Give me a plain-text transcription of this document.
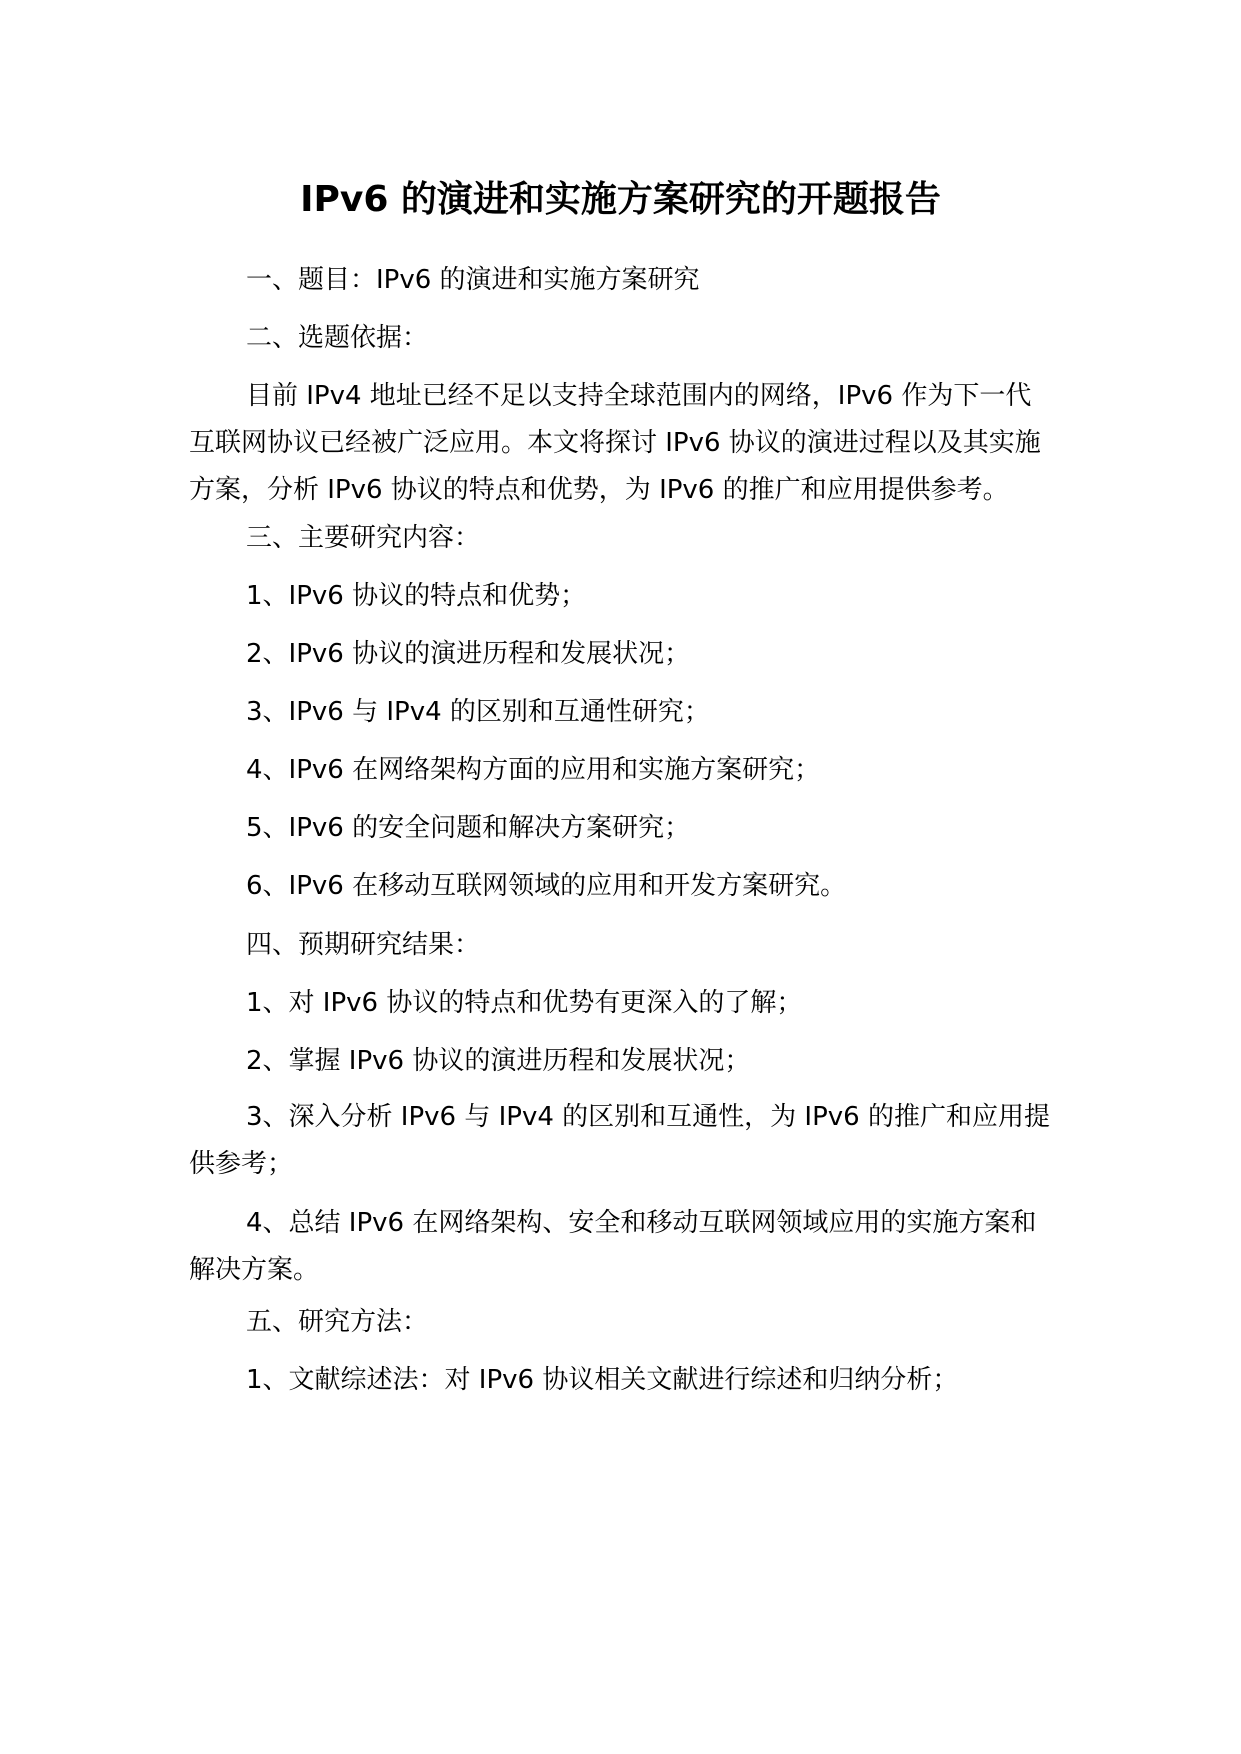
IPv6 的演进和实施方案研究的开题报告

一、题目：IPv6 的演进和实施方案研究

二、选题依据：

目前 IPv4 地址已经不足以支持全球范围内的网络，IPv6 作为下一代互联网协议已经被广泛应用。本文将探讨 IPv6 协议的演进过程以及其实施方案，分析 IPv6 协议的特点和优势，为 IPv6 的推广和应用提供参考。

三、主要研究内容：

1、IPv6 协议的特点和优势；

2、IPv6 协议的演进历程和发展状况；

3、IPv6 与 IPv4 的区别和互通性研究；

4、IPv6 在网络架构方面的应用和实施方案研究；

5、IPv6 的安全问题和解决方案研究；

6、IPv6 在移动互联网领域的应用和开发方案研究。

四、预期研究结果：

1、对 IPv6 协议的特点和优势有更深入的了解；

2、掌握 IPv6 协议的演进历程和发展状况；

3、深入分析 IPv6 与 IPv4 的区别和互通性，为 IPv6 的推广和应用提供参考；

4、总结 IPv6 在网络架构、安全和移动互联网领域应用的实施方案和解决方案。

五、研究方法：

1、文献综述法：对 IPv6 协议相关文献进行综述和归纳分析；
